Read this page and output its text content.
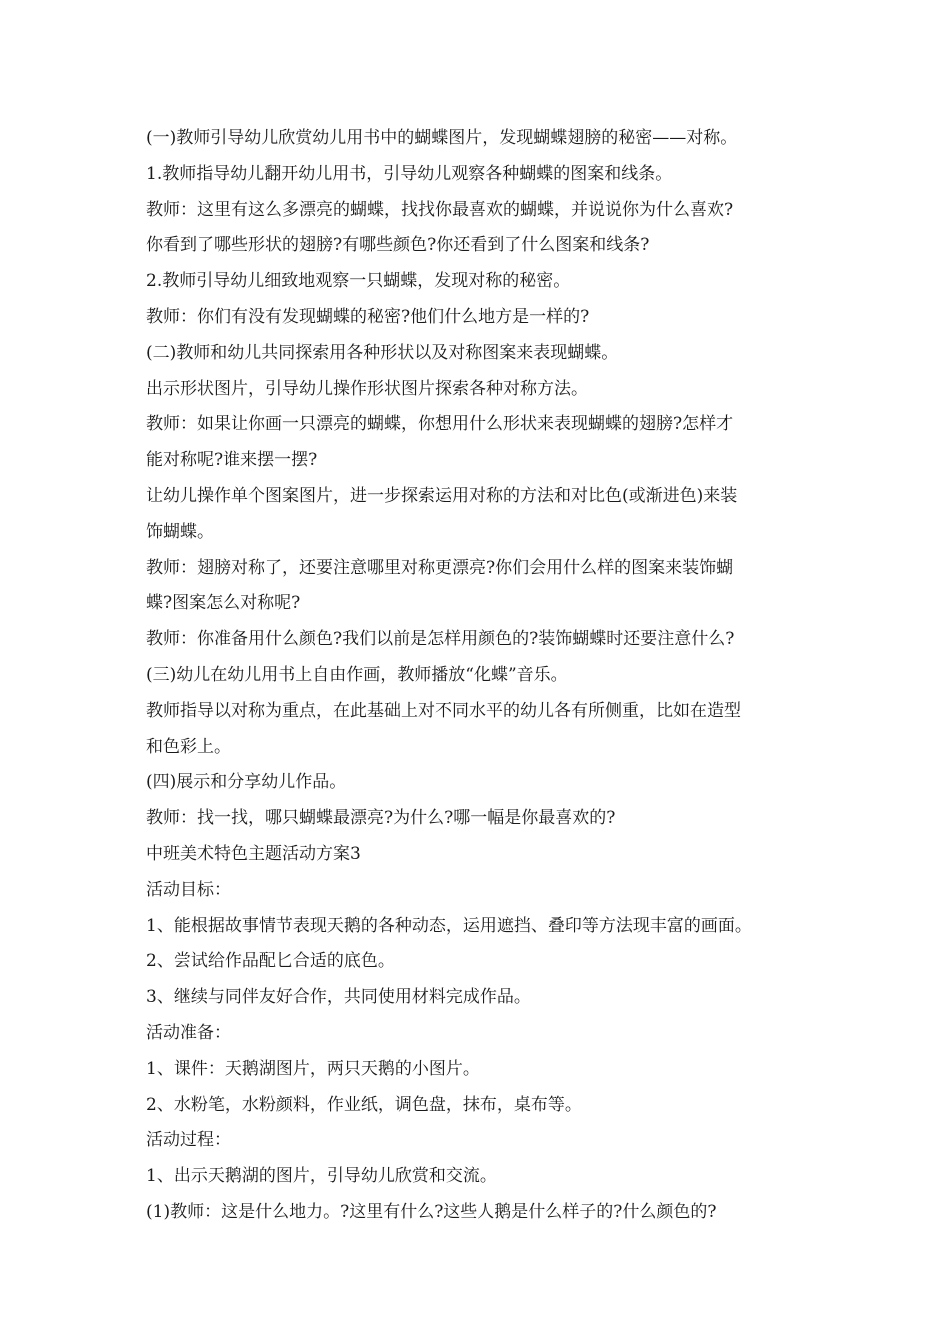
(一)教师引导幼儿欣赏幼儿用书中的蝴蝶图片，发现蝴蝶翅膀的秘密——对称。
1.教师指导幼儿翻开幼儿用书，引导幼儿观察各种蝴蝶的图案和线条。
教师：这里有这么多漂亮的蝴蝶，找找你最喜欢的蝴蝶，并说说你为什么喜欢?
你看到了哪些形状的翅膀?有哪些颜色?你还看到了什么图案和线条?
2.教师引导幼儿细致地观察一只蝴蝶，发现对称的秘密。
教师：你们有没有发现蝴蝶的秘密?他们什么地方是一样的?
(二)教师和幼儿共同探索用各种形状以及对称图案来表现蝴蝶。
出示形状图片，引导幼儿操作形状图片探索各种对称方法。
教师：如果让你画一只漂亮的蝴蝶，你想用什么形状来表现蝴蝶的翅膀?怎样才
能对称呢?谁来摆一摆?
让幼儿操作单个图案图片，进一步探索运用对称的方法和对比色(或渐进色)来装
饰蝴蝶。
教师：翅膀对称了，还要注意哪里对称更漂亮?你们会用什么样的图案来装饰蝴
蝶?图案怎么对称呢?
教师：你准备用什么颜色?我们以前是怎样用颜色的?装饰蝴蝶时还要注意什么?
(三)幼儿在幼儿用书上自由作画，教师播放“化蝶”音乐。
教师指导以对称为重点，在此基础上对不同水平的幼儿各有所侧重，比如在造型
和色彩上。
(四)展示和分享幼儿作品。
教师：找一找，哪只蝴蝶最漂亮?为什么?哪一幅是你最喜欢的?
中班美术特色主题活动方案3
活动目标：
1、能根据故事情节表现天鹅的各种动态，运用遮挡、叠印等方法现丰富的画面。
2、尝试给作品配匕合适的底色。
3、继续与同伴友好合作，共同使用材料完成作品。
活动准备：
1、课件：天鹅湖图片，两只天鹅的小图片。
2、水粉笔，水粉颜料，作业纸，调色盘，抹布，桌布等。
活动过程：
1、出示天鹅湖的图片，引导幼儿欣赏和交流。
(1)教师：这是什么地力。?这里有什么?这些人鹅是什么样子的?什么颜色的?
